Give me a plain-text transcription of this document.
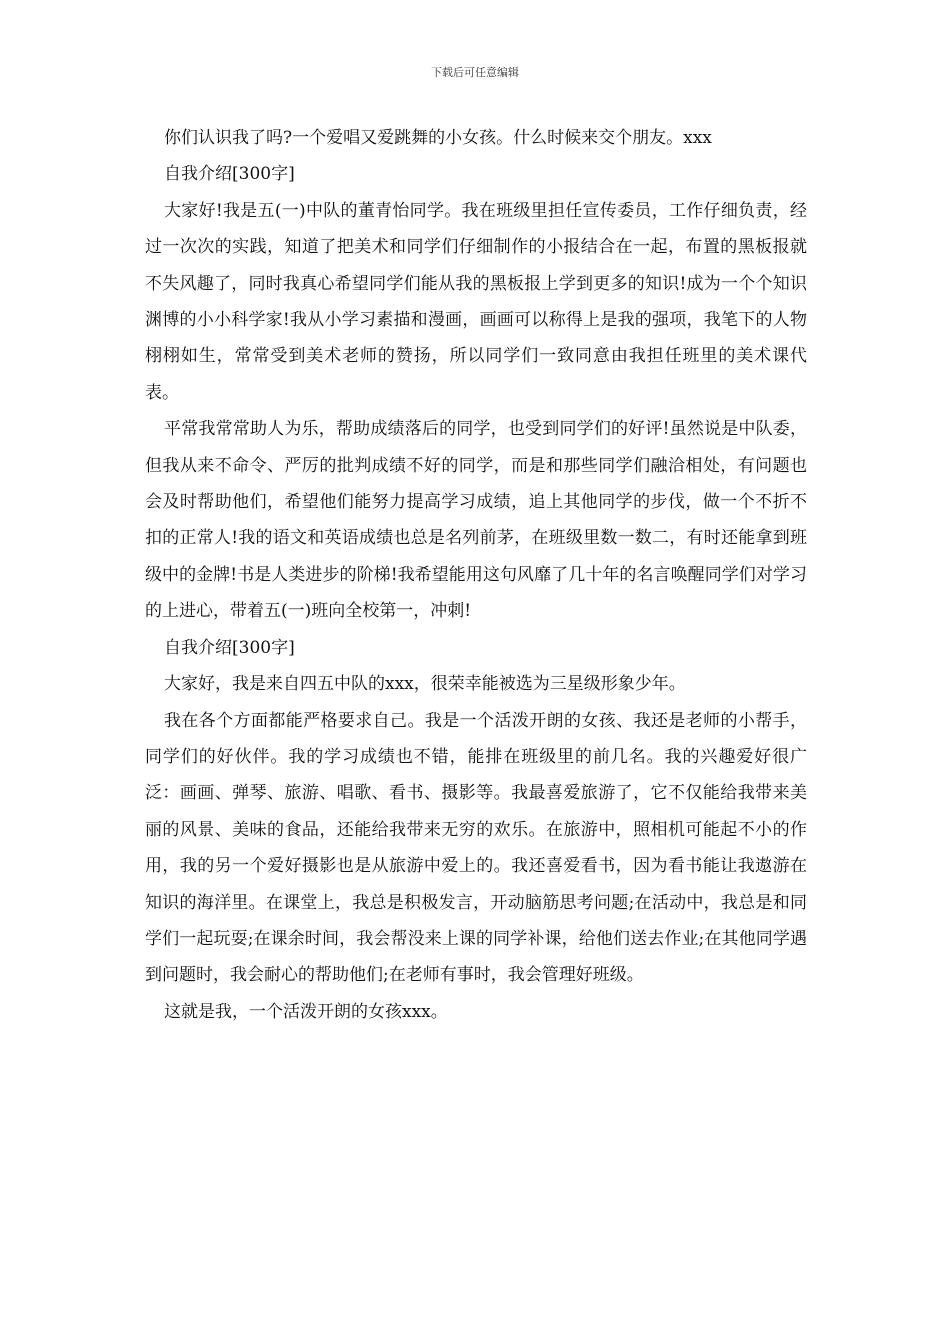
下载后可任意编辑

你们认识我了吗?一个爱唱又爱跳舞的小女孩。什么时候来交个朋友。xxx

自我介绍[300字]

大家好!我是五(一)中队的董青怡同学。我在班级里担任宣传委员，工作仔细负责，经过一次次的实践，知道了把美术和同学们仔细制作的小报结合在一起，布置的黑板报就不失风趣了，同时我真心希望同学们能从我的黑板报上学到更多的知识!成为一个个知识渊博的小小科学家!我从小学习素描和漫画，画画可以称得上是我的强项，我笔下的人物栩栩如生，常常受到美术老师的赞扬，所以同学们一致同意由我担任班里的美术课代表。

平常我常常助人为乐，帮助成绩落后的同学，也受到同学们的好评!虽然说是中队委，但我从来不命令、严厉的批判成绩不好的同学，而是和那些同学们融洽相处，有问题也会及时帮助他们，希望他们能努力提高学习成绩，追上其他同学的步伐，做一个不折不扣的正常人!我的语文和英语成绩也总是名列前茅，在班级里数一数二，有时还能拿到班级中的金牌!书是人类进步的阶梯!我希望能用这句风靡了几十年的名言唤醒同学们对学习的上进心，带着五(一)班向全校第一，冲刺!

自我介绍[300字]

大家好，我是来自四五中队的xxx，很荣幸能被选为三星级形象少年。

我在各个方面都能严格要求自己。我是一个活泼开朗的女孩、我还是老师的小帮手，同学们的好伙伴。我的学习成绩也不错，能排在班级里的前几名。我的兴趣爱好很广泛：画画、弹琴、旅游、唱歌、看书、摄影等。我最喜爱旅游了，它不仅能给我带来美丽的风景、美味的食品，还能给我带来无穷的欢乐。在旅游中，照相机可能起不小的作用，我的另一个爱好摄影也是从旅游中爱上的。我还喜爱看书，因为看书能让我遨游在知识的海洋里。在课堂上，我总是积极发言，开动脑筋思考问题;在活动中，我总是和同学们一起玩耍;在课余时间，我会帮没来上课的同学补课，给他们送去作业;在其他同学遇到问题时，我会耐心的帮助他们;在老师有事时，我会管理好班级。

这就是我，一个活泼开朗的女孩xxx。
